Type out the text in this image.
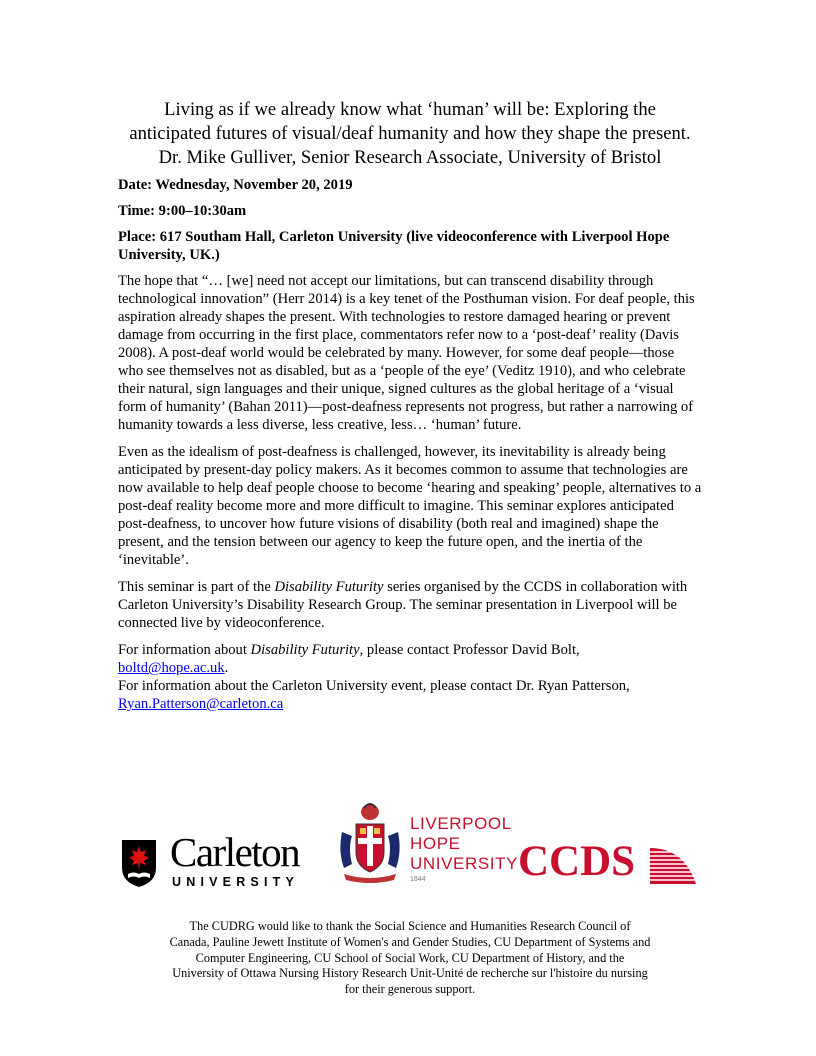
Living as if we already know what ‘human’ will be: Exploring the
anticipated futures of visual/deaf humanity and how they shape the present.
Dr. Mike Gulliver, Senior Research Associate, University of Bristol
Date: Wednesday, November 20, 2019
Time: 9:00–10:30am
Place: 617 Southam Hall, Carleton University (live videoconference with Liverpool Hope University, UK.)
The hope that “… [we] need not accept our limitations, but can transcend disability through technological innovation” (Herr 2014) is a key tenet of the Posthuman vision. For deaf people, this aspiration already shapes the present. With technologies to restore damaged hearing or prevent damage from occurring in the first place, commentators refer now to a ‘post-deaf’ reality (Davis 2008). A post-deaf world would be celebrated by many. However, for some deaf people—those who see themselves not as disabled, but as a ‘people of the eye’ (Veditz 1910), and who celebrate their natural, sign languages and their unique, signed cultures as the global heritage of a ‘visual form of humanity’ (Bahan 2011)—post-deafness represents not progress, but rather a narrowing of humanity towards a less diverse, less creative, less… ‘human’ future.
Even as the idealism of post-deafness is challenged, however, its inevitability is already being anticipated by present-day policy makers. As it becomes common to assume that technologies are now available to help deaf people choose to become ‘hearing and speaking’ people, alternatives to a post-deaf reality become more and more difficult to imagine. This seminar explores anticipated post-deafness, to uncover how future visions of disability (both real and imagined) shape the present, and the tension between our agency to keep the future open, and the inertia of the ‘inevitable’.
This seminar is part of the Disability Futurity series organised by the CCDS in collaboration with Carleton University’s Disability Research Group. The seminar presentation in Liverpool will be connected live by videoconference.
For information about Disability Futurity, please contact Professor David Bolt,
boltd@hope.ac.uk.
For information about the Carleton University event, please contact Dr. Ryan Patterson,
Ryan.Patterson@carleton.ca
Carleton
UNIVERSITY
LIVERPOOL
HOPE
UNIVERSITY
1844 CCDS
The CUDRG would like to thank the Social Science and Humanities Research Council of
Canada, Pauline Jewett Institute of Women's and Gender Studies, CU Department of Systems and
Computer Engineering, CU School of Social Work, CU Department of History, and the
University of Ottawa Nursing History Research Unit-Unité de recherche sur l'histoire du nursing
for their generous support.
